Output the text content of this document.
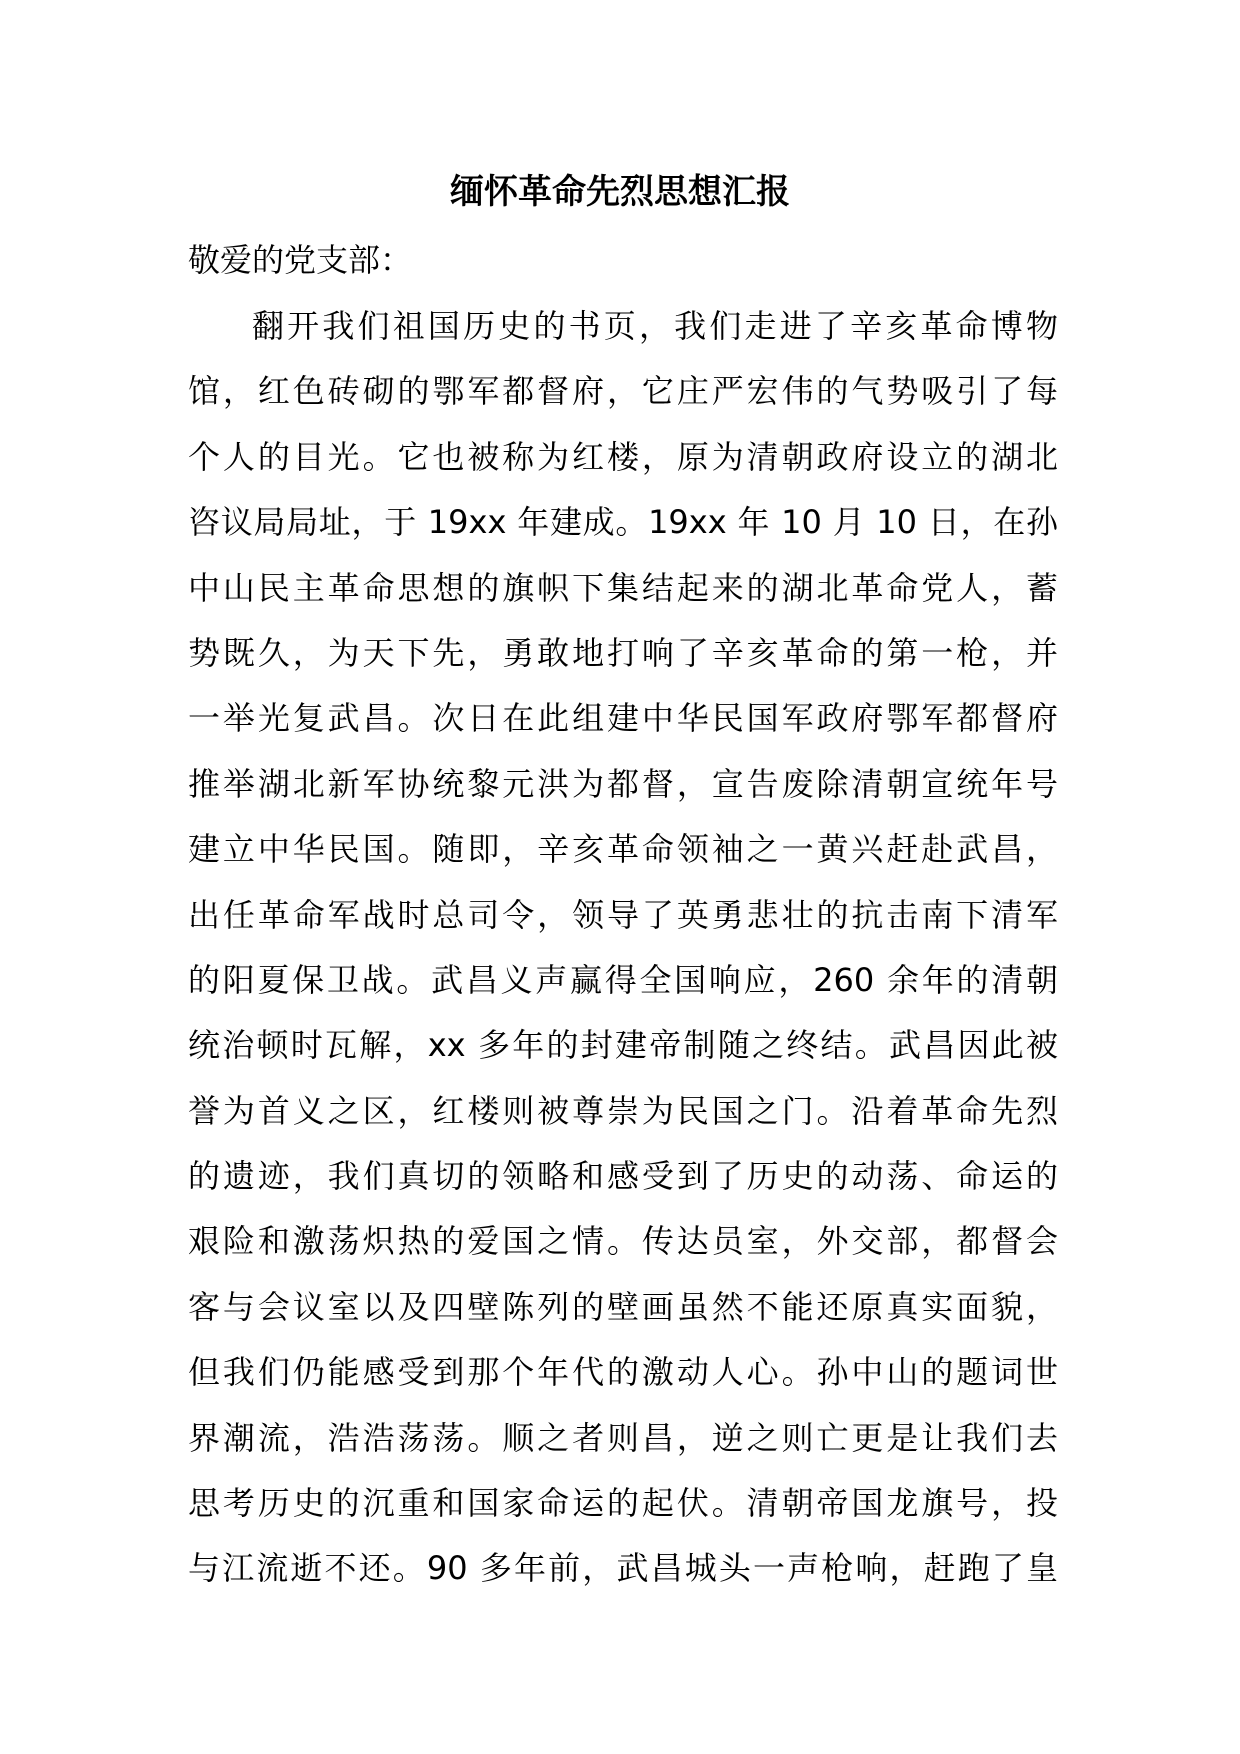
缅怀革命先烈思想汇报
敬爱的党支部：
翻开我们祖国历史的书页，我们走进了辛亥革命博物
馆，红色砖砌的鄂军都督府，它庄严宏伟的气势吸引了每
个人的目光。它也被称为红楼，原为清朝政府设立的湖北
咨议局局址，于 19xx 年建成。19xx 年 10 月 10 日，在孙
中山民主革命思想的旗帜下集结起来的湖北革命党人，蓄
势既久，为天下先，勇敢地打响了辛亥革命的第一枪，并
一举光复武昌。次日在此组建中华民国军政府鄂军都督府
推举湖北新军协统黎元洪为都督，宣告废除清朝宣统年号
建立中华民国。随即，辛亥革命领袖之一黄兴赶赴武昌，
出任革命军战时总司令，领导了英勇悲壮的抗击南下清军
的阳夏保卫战。武昌义声赢得全国响应，260 余年的清朝
统治顿时瓦解，xx 多年的封建帝制随之终结。武昌因此被
誉为首义之区，红楼则被尊崇为民国之门。沿着革命先烈
的遗迹，我们真切的领略和感受到了历史的动荡、命运的
艰险和激荡炽热的爱国之情。传达员室，外交部，都督会
客与会议室以及四壁陈列的壁画虽然不能还原真实面貌，
但我们仍能感受到那个年代的激动人心。孙中山的题词世
界潮流，浩浩荡荡。顺之者则昌，逆之则亡更是让我们去
思考历史的沉重和国家命运的起伏。清朝帝国龙旗号，投
与江流逝不还。90 多年前，武昌城头一声枪响，赶跑了皇
